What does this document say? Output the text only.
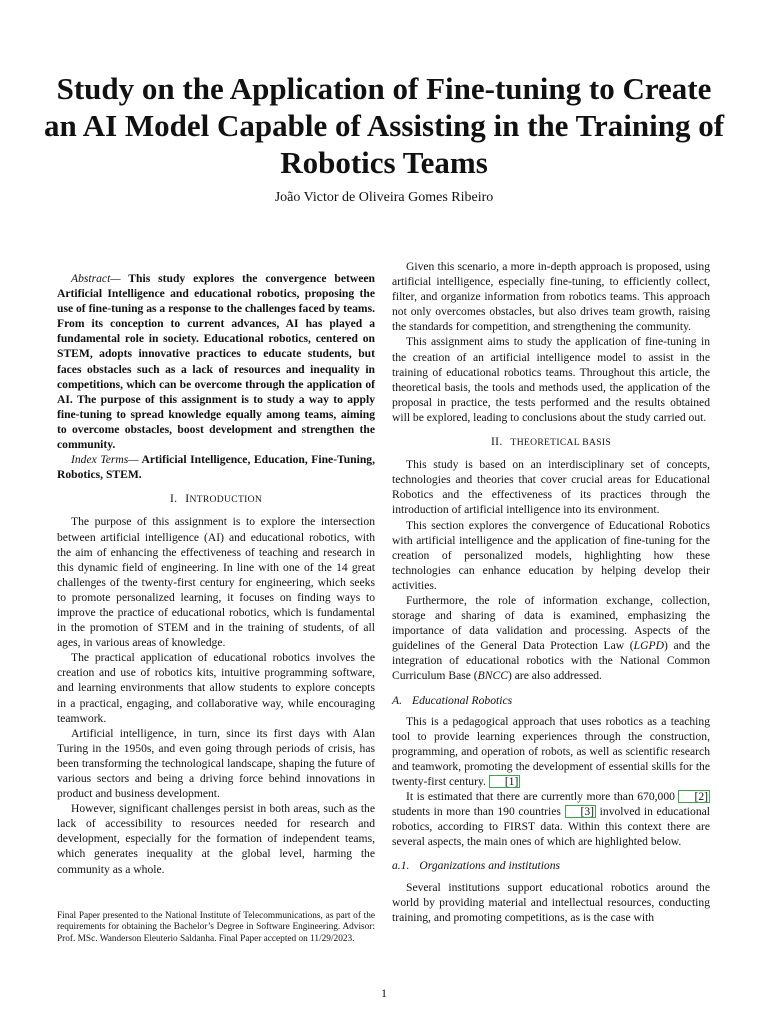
Study on the Application of Fine-tuning to Create an AI Model Capable of Assisting in the Training of Robotics Teams
João Victor de Oliveira Gomes Ribeiro

Abstract— This study explores the convergence between Artificial Intelligence and educational robotics, proposing the use of fine-tuning as a response to the challenges faced by teams. From its conception to current advances, AI has played a fundamental role in society. Educational robotics, centered on STEM, adopts innovative practices to educate students, but faces obstacles such as a lack of resources and inequality in competitions, which can be overcome through the application of AI. The purpose of this assignment is to study a way to apply fine-tuning to spread knowledge equally among teams, aiming to overcome obstacles, boost development and strengthen the community.

Index Terms— Artificial Intelligence, Education, Fine-Tuning, Robotics, STEM.

I. INTRODUCTION

The purpose of this assignment is to explore the intersection between artificial intelligence (AI) and educational robotics, with the aim of enhancing the effectiveness of teaching and research in this dynamic field of engineering. In line with one of the 14 great challenges of the twenty-first century for engineering, which seeks to promote personalized learning, it focuses on finding ways to improve the practice of educational robotics, which is fundamental in the promotion of STEM and in the training of students, of all ages, in various areas of knowledge.

The practical application of educational robotics involves the creation and use of robotics kits, intuitive programming software, and learning environments that allow students to explore concepts in a practical, engaging, and collaborative way, while encouraging teamwork.

Artificial intelligence, in turn, since its first days with Alan Turing in the 1950s, and even going through periods of crisis, has been transforming the technological landscape, shaping the future of various sectors and being a driving force behind innovations in product and business development.

However, significant challenges persist in both areas, such as the lack of accessibility to resources needed for research and development, especially for the formation of independent teams, which generates inequality at the global level, harming the community as a whole.

Given this scenario, a more in-depth approach is proposed, using artificial intelligence, especially fine-tuning, to efficiently collect, filter, and organize information from robotics teams. This approach not only overcomes obstacles, but also drives team growth, raising the standards for competition, and strengthening the community.

This assignment aims to study the application of fine-tuning in the creation of an artificial intelligence model to assist in the training of educational robotics teams. Throughout this article, the theoretical basis, the tools and methods used, the application of the proposal in practice, the tests performed and the results obtained will be explored, leading to conclusions about the study carried out.

II. THEORETICAL BASIS

This study is based on an interdisciplinary set of concepts, technologies and theories that cover crucial areas for Educational Robotics and the effectiveness of its practices through the introduction of artificial intelligence into its environment.

This section explores the convergence of Educational Robotics with artificial intelligence and the application of fine-tuning for the creation of personalized models, highlighting how these technologies can enhance education by helping develop their activities.

Furthermore, the role of information exchange, collection, storage and sharing of data is examined, emphasizing the importance of data validation and processing. Aspects of the guidelines of the General Data Protection Law (LGPD) and the integration of educational robotics with the National Common Curriculum Base (BNCC) are also addressed.

A. Educational Robotics

This is a pedagogical approach that uses robotics as a teaching tool to provide learning experiences through the construction, programming, and operation of robots, as well as scientific research and teamwork, promoting the development of essential skills for the twenty-first century. [1]

It is estimated that there are currently more than 670,000 [2] students in more than 190 countries [3] involved in educational robotics, according to FIRST data. Within this context there are several aspects, the main ones of which are highlighted below.

a.1. Organizations and institutions

Several institutions support educational robotics around the world by providing material and intellectual resources, conducting training, and promoting competitions, as is the case with

Final Paper presented to the National Institute of Telecommunications, as part of the requirements for obtaining the Bachelor’s Degree in Software Engineering. Advisor: Prof. MSc. Wanderson Eleuterio Saldanha. Final Paper accepted on 11/29/2023.
1
